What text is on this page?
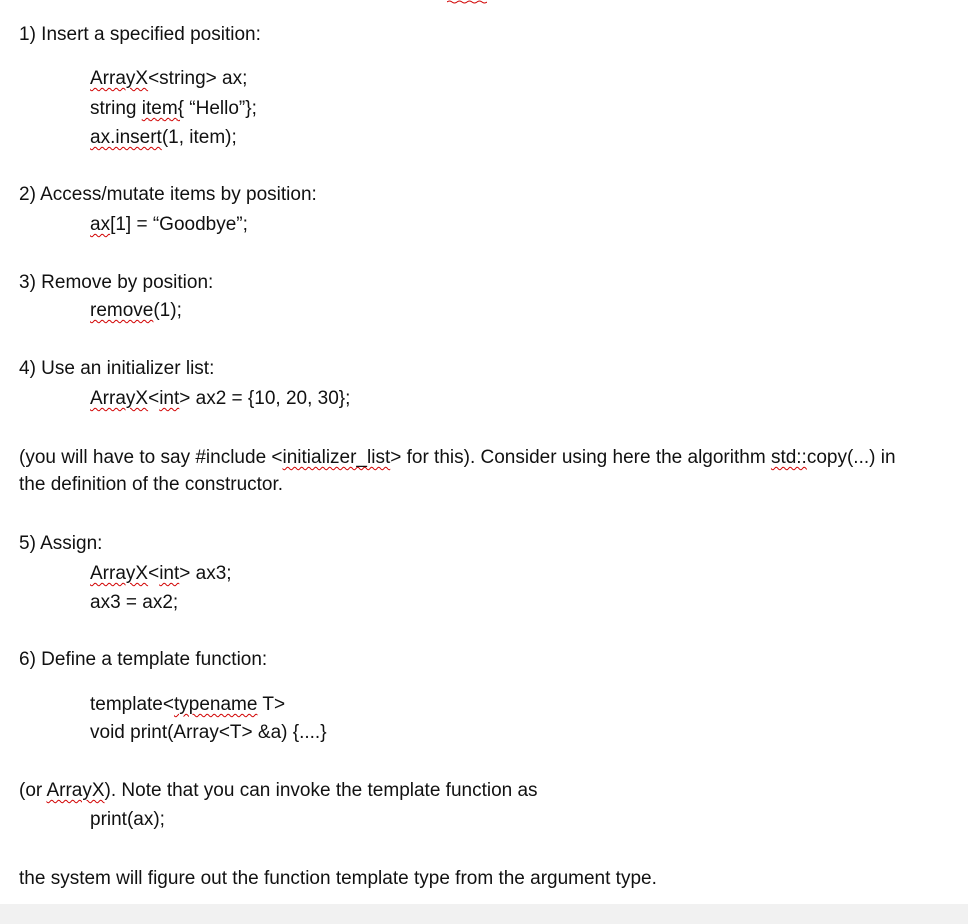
1) Insert a specified position:
ArrayX<string> ax;
string item{ “Hello”};
ax.insert(1, item);
2) Access/mutate items by position:
ax[1] = “Goodbye”;
3) Remove by position:
remove(1);
4) Use an initializer list:
ArrayX<int> ax2 = {10, 20, 30};
(you will have to say #include <initializer_list> for this). Consider using here the algorithm std::copy(...) in
the definition of the constructor.
5) Assign:
ArrayX<int> ax3;
ax3 = ax2;
6) Define a template function:
template<typename T>
void print(Array<T> &a) {....}
(or ArrayX). Note that you can invoke the template function as
print(ax);
the system will figure out the function template type from the argument type.
